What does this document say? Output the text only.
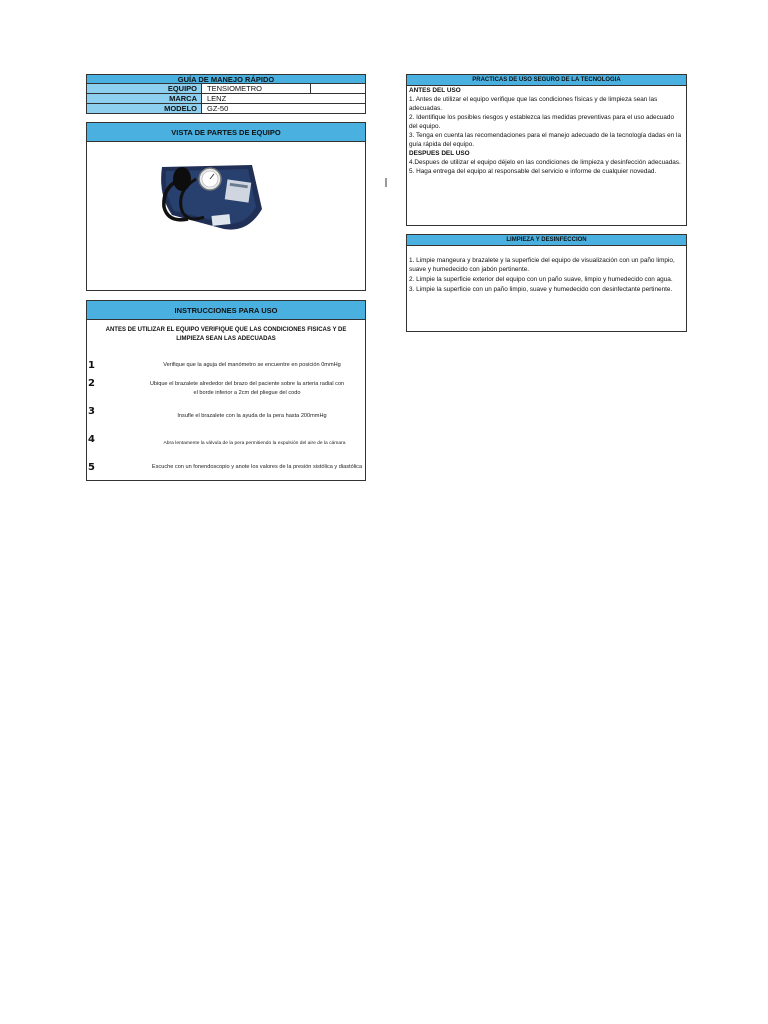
GUÍA DE MANEJO RÁPIDO
EQUIPO	TENSIOMETRO
MARCA	LENZ
MODELO	GZ-50
VISTA DE PARTES DE EQUIPO
INSTRUCCIONES PARA USO
ANTES DE UTILIZAR EL EQUIPO VERIFIQUE QUE LAS CONDICIONES FISICAS Y DE LIMPIEZA SEAN LAS ADECUADAS
1	Verifique que la aguja del manómetro se encuentre en posición 0mmHg
2	Ubique el brazalete alrededor del brazo del paciente sobre la arteria radial con el borde inferior a 2cm del pliegue del codo
3	Insufle el brazalete con la ayuda de la pera hasta 200mmHg
4	Abra lentamente la válvula de la pera permitiendo la expulsión del aire de la cámara
5	Escuche con un fonendoscopio y anote los valores de la presión sistólica y diastólica
PRACTICAS DE USO SEGURO DE LA TECNOLOGIA
ANTES DEL USO
1. Antes de utilizar el equipo verifique que las condiciones físicas y de limpieza sean las adecuadas.
2. Identifique los posibles riesgos y establezca las medidas preventivas para el uso adecuado del equipo.
3. Tenga en cuenta las recomendaciones para el manejo adecuado de la tecnología dadas en la guía rápida del equipo.
DESPUES DEL USO
4.Despues de utilizar el equipo déjelo en las condiciones de limpieza y desinfección adecuadas.
5. Haga entrega del equipo al responsable del servicio e informe de cualquier novedad.
LIMPIEZA Y DESINFECCION
1. Limpie mangeura y brazalete y la superficie del equipo de visualización con un paño limpio, suave y humedecido con jabón pertinente.
2. Limpie la superficie exterior del equipo con un paño suave, limpio y humedecido con agua.
3. Limpie la superficie con un paño limpio, suave y humedecido con desinfectante pertinente.
